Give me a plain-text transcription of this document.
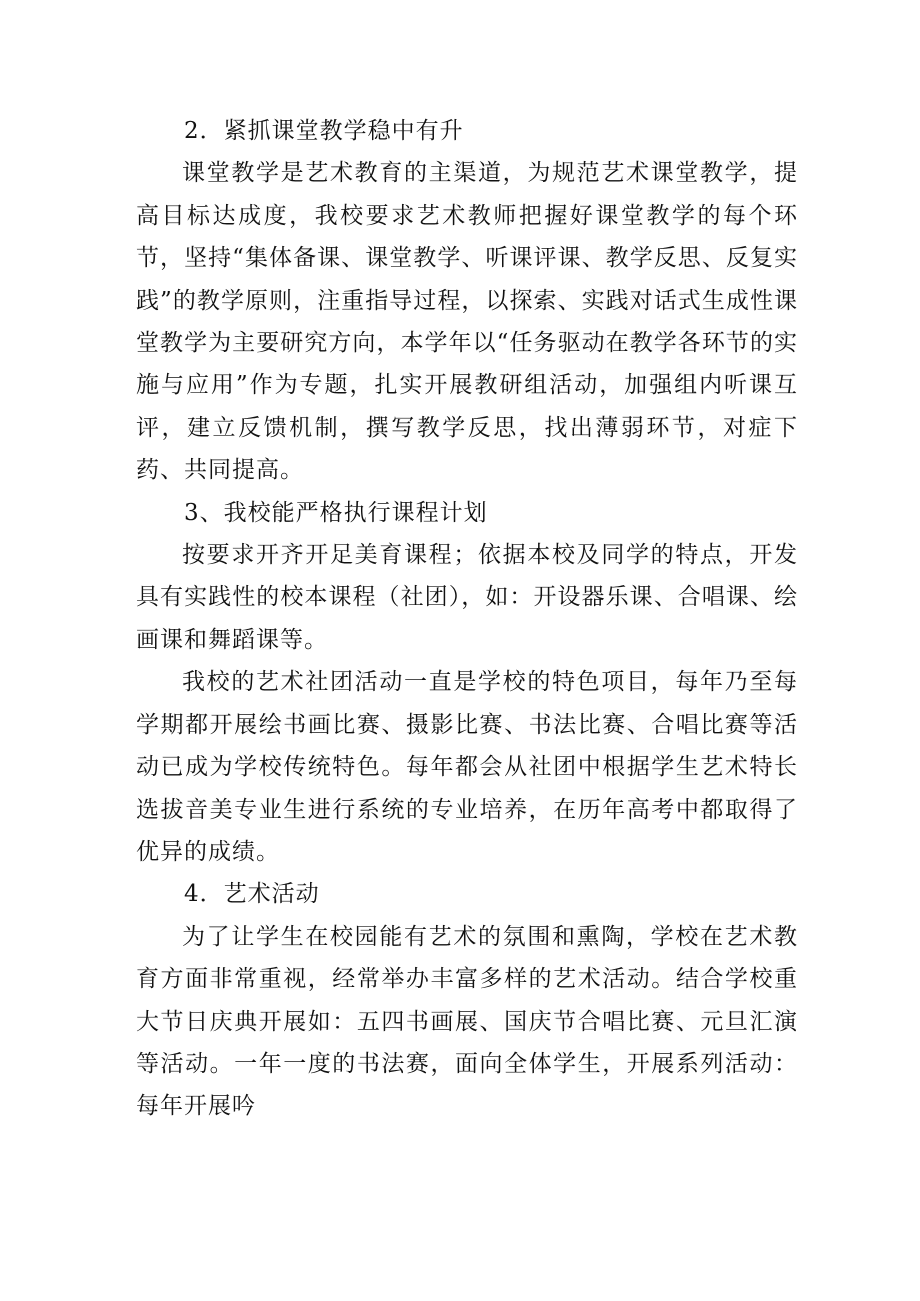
2．紧抓课堂教学稳中有升

课堂教学是艺术教育的主渠道，为规范艺术课堂教学，提高目标达成度，我校要求艺术教师把握好课堂教学的每个环节，坚持“集体备课、课堂教学、听课评课、教学反思、反复实践”的教学原则，注重指导过程，以探索、实践对话式生成性课堂教学为主要研究方向，本学年以“任务驱动在教学各环节的实施与应用”作为专题，扎实开展教研组活动，加强组内听课互评，建立反馈机制，撰写教学反思，找出薄弱环节，对症下药、共同提高。

3、我校能严格执行课程计划

按要求开齐开足美育课程；依据本校及同学的特点，开发具有实践性的校本课程（社团），如：开设器乐课、合唱课、绘画课和舞蹈课等。

我校的艺术社团活动一直是学校的特色项目，每年乃至每学期都开展绘书画比赛、摄影比赛、书法比赛、合唱比赛等活动已成为学校传统特色。每年都会从社团中根据学生艺术特长选拔音美专业生进行系统的专业培养，在历年高考中都取得了优异的成绩。

4．艺术活动

为了让学生在校园能有艺术的氛围和熏陶，学校在艺术教育方面非常重视，经常举办丰富多样的艺术活动。结合学校重大节日庆典开展如：五四书画展、国庆节合唱比赛、元旦汇演等活动。一年一度的书法赛，面向全体学生，开展系列活动：每年开展吟
